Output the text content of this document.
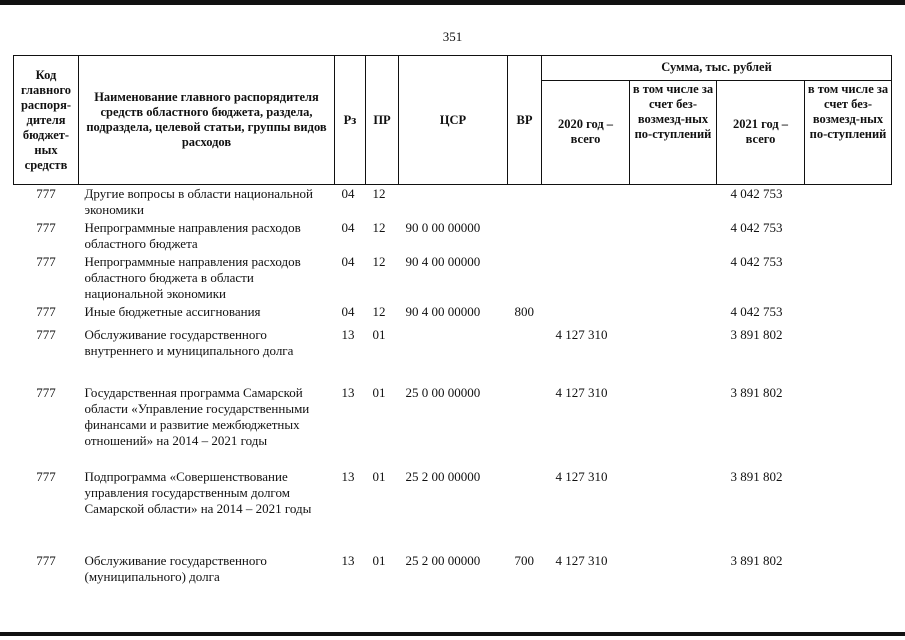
351
Код главного распоря-дителя бюджет-ных средств	Наименование главного распорядителя средств областного бюджета, раздела, подраздела, целевой статьи, группы видов расходов	Рз	ПР	ЦСР	ВР	Сумма, тыс. рублей			
						2020 год – всего	в том числе за счет без-возмезд-ных по-ступлений	2021 год – всего	в том числе за счет без-возмезд-ных по-ступлений
777	Другие вопросы в области национальной экономики	04	12					4 042 753	
777	Непрограммные направления расходов областного бюджета	04	12	90 0 00 00000				4 042 753	
777	Непрограммные направления расходов областного бюджета в области национальной экономики	04	12	90 4 00 00000				4 042 753	
777	Иные бюджетные ассигнования	04	12	90 4 00 00000	800			4 042 753	
777	Обслуживание государственного внутреннего и муниципального долга	13	01			4 127 310		3 891 802	
777	Государственная программа Самарской области «Управление государственными финансами и развитие межбюджетных отношений» на 2014 – 2021 годы	13	01	25 0 00 00000		4 127 310		3 891 802	
777	Подпрограмма «Совершенствование управления государственным долгом Самарской области» на 2014 – 2021 годы	13	01	25 2 00 00000		4 127 310		3 891 802	
777	Обслуживание государственного (муниципального) долга	13	01	25 2 00 00000	700	4 127 310		3 891 802	
